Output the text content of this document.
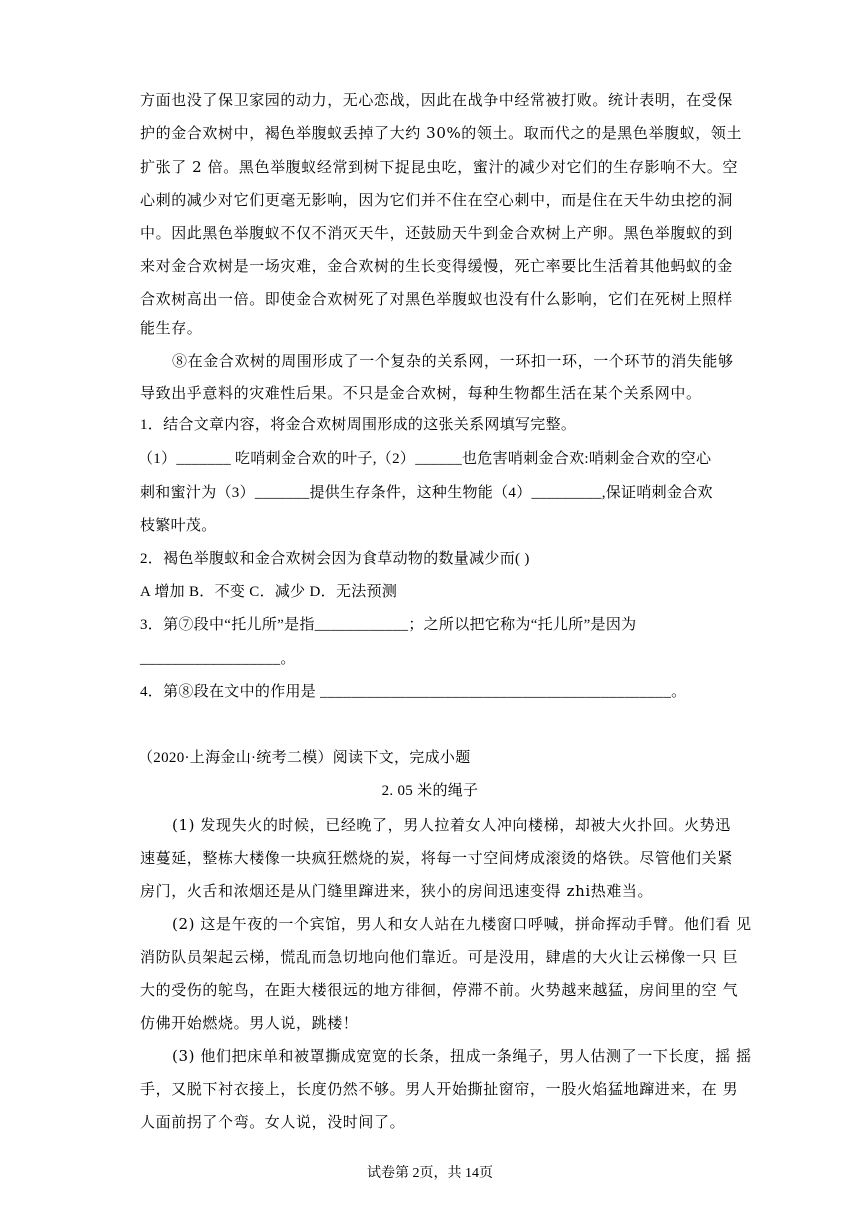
方面也没了保卫家园的动力，无心恋战，因此在战争中经常被打败。统计表明，在受保
护的金合欢树中，褐色举腹蚁丢掉了大约 30%的领土。取而代之的是黑色举腹蚁，领土
扩张了 2 倍。黑色举腹蚁经常到树下捉昆虫吃，蜜汁的减少对它们的生存影响不大。空
心刺的减少对它们更毫无影响，因为它们并不住在空心刺中，而是住在天牛幼虫挖的洞
中。因此黑色举腹蚁不仅不消灭天牛，还鼓励天牛到金合欢树上产卵。黑色举腹蚁的到
来对金合欢树是一场灾难，金合欢树的生长变得缓慢，死亡率要比生活着其他蚂蚁的金
合欢树高出一倍。即使金合欢树死了对黑色举腹蚁也没有什么影响，它们在死树上照样
能生存。
⑧在金合欢树的周围形成了一个复杂的关系网，一环扣一环，一个环节的消失能够
导致出乎意料的灾难性后果。不只是金合欢树，每种生物都生活在某个关系网中。
1．结合文章内容，将金合欢树周围形成的这张关系网填写完整。
（1）_______ 吃哨刺金合欢的叶子,（2）______也危害哨刺金合欢:哨刺金合欢的空心
刺和蜜汁为（3）_______提供生存条件，这种生物能（4）_________,保证哨刺金合欢
枝繁叶茂。
2．褐色举腹蚁和金合欢树会因为食草动物的数量减少而( )
A 增加 B．不变 C．减少 D．无法预测
3．第⑦段中“托儿所”是指____________；之所以把它称为“托儿所”是因为
__________________。
4．第⑧段在文中的作用是 _____________________________________________。
（2020·上海金山·统考二模）阅读下文，完成小题
2. 05 米的绳子
(1) 发现失火的时候，已经晚了，男人拉着女人冲向楼梯，却被大火扑回。火势迅
速蔓延，整栋大楼像一块疯狂燃烧的炭，将每一寸空间烤成滚烫的烙铁。尽管他们关紧
房门，火舌和浓烟还是从门缝里蹿进来，狭小的房间迅速变得 zhi热难当。
(2) 这是午夜的一个宾馆，男人和女人站在九楼窗口呼喊，拼命挥动手臂。他们看 见
消防队员架起云梯，慌乱而急切地向他们靠近。可是没用，肆虐的大火让云梯像一只 巨
大的受伤的鸵鸟，在距大楼很远的地方徘徊，停滞不前。火势越来越猛，房间里的空 气
仿佛开始燃烧。男人说，跳楼！
(3) 他们把床单和被罩撕成宽宽的长条，扭成一条绳子，男人估测了一下长度，摇 摇
手，又脱下衬衣接上，长度仍然不够。男人开始撕扯窗帘，一股火焰猛地蹿进来，在 男
人面前拐了个弯。女人说，没时间了。
试卷第 2页，共 14页
